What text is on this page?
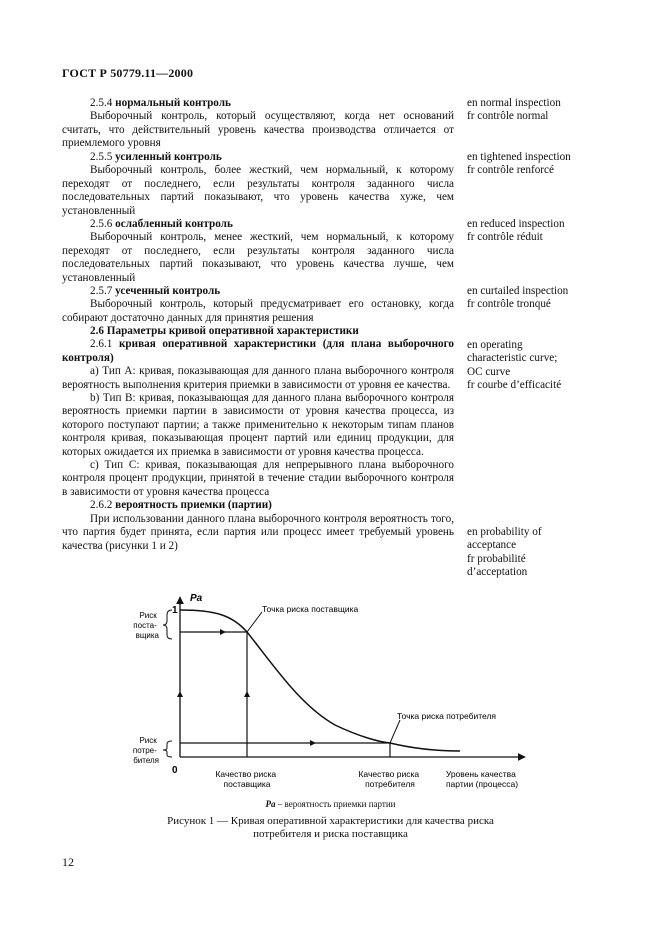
ГОСТ Р 50779.11—2000

2.5.4 нормальный контроль

Выборочный контроль, который осуществляют, когда нет оснований считать, что действительный уровень качества производства отличается от приемлемого уровня

en normal inspection
fr contrôle normal

2.5.5 усиленный контроль

Выборочный контроль, более жесткий, чем нормальный, к которому переходят от последнего, если результаты контроля заданного числа последовательных партий показывают, что уровень качества хуже, чем установленный

en tightened inspection
fr contrôle renforcé

2.5.6 ослабленный контроль

Выборочный контроль, менее жесткий, чем нормальный, к которому переходят от последнего, если результаты контроля заданного числа последовательных партий показывают, что уровень качества лучше, чем установленный

en reduced inspection
fr contrôle réduit

2.5.7 усеченный контроль

Выборочный контроль, который предусматривает его остановку, когда собирают достаточно данных для принятия решения

en curtailed inspection
fr contrôle tronqué

2.6 Параметры кривой оперативной характеристики

2.6.1 кривая оперативной характеристики (для плана выборочного контроля)

а) Тип А: кривая, показывающая для данного плана выборочного контроля вероятность выполнения критерия приемки в зависимости от уровня ее качества.

b) Тип В: кривая, показывающая для данного плана выборочного контроля вероятность приемки партии в зависимости от уровня качества процесса, из которого поступают партии; а также применительно к некоторым типам планов контроля кривая, показывающая процент партий или единиц продукции, для которых ожидается их приемка в зависимости от уровня качества процесса.

с) Тип С: кривая, показывающая для непрерывного плана выборочного контроля процент продукции, принятой в течение стадии выборочного контроля в зависимости от уровня качества процесса

2.6.2 вероятность приемки (партии)

При использовании данного плана выборочного контроля вероятность того, что партия будет принята, если партия или процесс имеет требуемый уровень качества (рисунки 1 и 2)

en operating
characteristic curve;
OC curve
fr courbe d’efficacité
en probability of
acceptance
fr probabilité
d’acceptation
Pa
1
0
Риск поста- вщика
Риск потре- бителя
Точка риска поставщика
Точка риска потребителя
Качество риска поставщика
Качество риска потребителя
Уровень качества партии (процесса)
Pa – вероятность приемки партии
Рисунок 1 — Кривая оперативной характеристики для качества риска
потребителя и риска поставщика
12
